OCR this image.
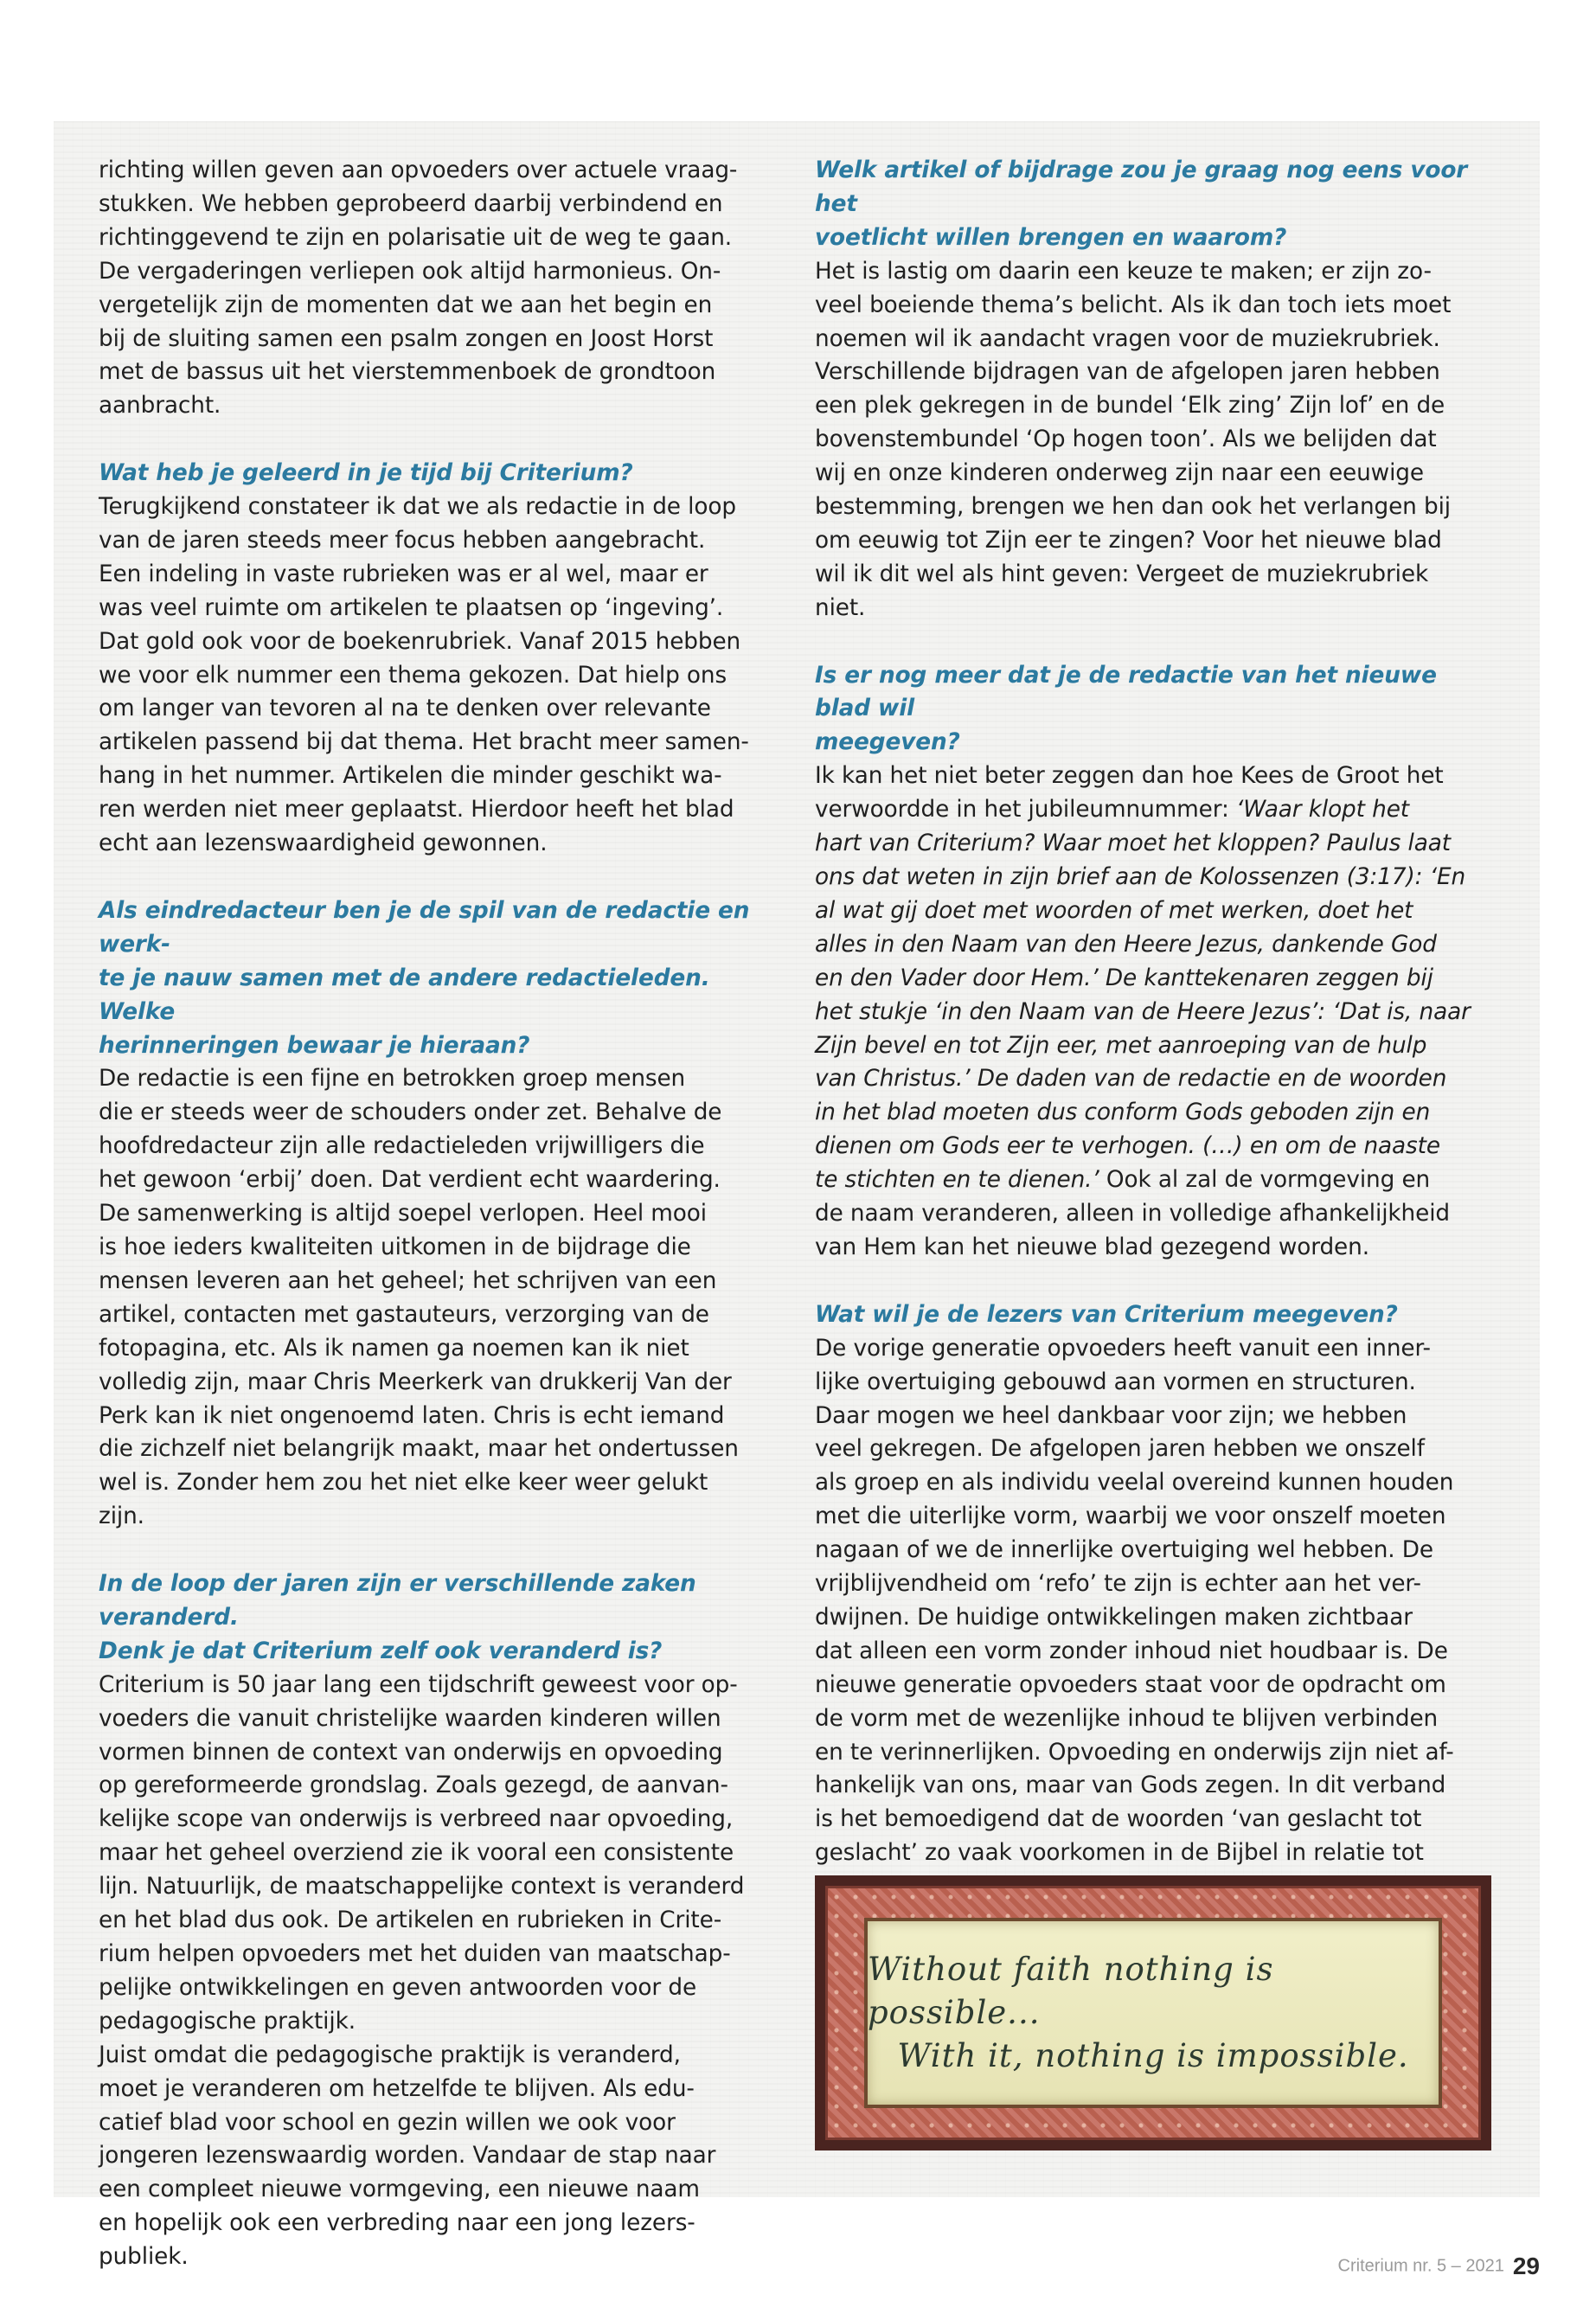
richting willen geven aan opvoeders over actuele vraag-
stukken. We hebben geprobeerd daarbij verbindend en
richtinggevend te zijn en polarisatie uit de weg te gaan.
De vergaderingen verliepen ook altijd harmonieus. On-
vergetelijk zijn de momenten dat we aan het begin en
bij de sluiting samen een psalm zongen en Joost Horst
met de bassus uit het vierstemmenboek de grondtoon
aanbracht.

Wat heb je geleerd in je tijd bij Criterium?

Terugkijkend constateer ik dat we als redactie in de loop
van de jaren steeds meer focus hebben aangebracht.
Een indeling in vaste rubrieken was er al wel, maar er
was veel ruimte om artikelen te plaatsen op ‘ingeving’.
Dat gold ook voor de boekenrubriek. Vanaf 2015 hebben
we voor elk nummer een thema gekozen. Dat hielp ons
om langer van tevoren al na te denken over relevante
artikelen passend bij dat thema. Het bracht meer samen-
hang in het nummer. Artikelen die minder geschikt wa-
ren werden niet meer geplaatst. Hierdoor heeft het blad
echt aan lezenswaardigheid gewonnen.
Als eindredacteur ben je de spil van de redactie en werk-
te je nauw samen met de andere redactieleden. Welke
herinneringen bewaar je hieraan?
De redactie is een fijne en betrokken groep mensen
die er steeds weer de schouders onder zet. Behalve de
hoofdredacteur zijn alle redactieleden vrijwilligers die
het gewoon ‘erbij’ doen. Dat verdient echt waardering.
De samenwerking is altijd soepel verlopen. Heel mooi
is hoe ieders kwaliteiten uitkomen in de bijdrage die
mensen leveren aan het geheel; het schrijven van een
artikel, contacten met gastauteurs, verzorging van de
fotopagina, etc. Als ik namen ga noemen kan ik niet
volledig zijn, maar Chris Meerkerk van drukkerij Van der
Perk kan ik niet ongenoemd laten. Chris is echt iemand
die zichzelf niet belangrijk maakt, maar het ondertussen
wel is. Zonder hem zou het niet elke keer weer gelukt
zijn.
In de loop der jaren zijn er verschillende zaken veranderd.
Denk je dat Criterium zelf ook veranderd is?
Criterium is 50 jaar lang een tijdschrift geweest voor op-
voeders die vanuit christelijke waarden kinderen willen
vormen binnen de context van onderwijs en opvoeding
op gereformeerde grondslag. Zoals gezegd, de aanvan-
kelijke scope van onderwijs is verbreed naar opvoeding,
maar het geheel overziend zie ik vooral een consistente
lijn. Natuurlijk, de maatschappelijke context is veranderd
en het blad dus ook. De artikelen en rubrieken in Crite-
rium helpen opvoeders met het duiden van maatschap-
pelijke ontwikkelingen en geven antwoorden voor de
pedagogische praktijk.
Juist omdat die pedagogische praktijk is veranderd,
moet je veranderen om hetzelfde te blijven. Als edu-
catief blad voor school en gezin willen we ook voor
jongeren lezenswaardig worden. Vandaar de stap naar
een compleet nieuwe vormgeving, een nieuwe naam
en hopelijk ook een verbreding naar een jong lezers-
publiek.
Welk artikel of bijdrage zou je graag nog eens voor het
voetlicht willen brengen en waarom?
Het is lastig om daarin een keuze te maken; er zijn zo-
veel boeiende thema’s belicht. Als ik dan toch iets moet
noemen wil ik aandacht vragen voor de muziekrubriek.
Verschillende bijdragen van de afgelopen jaren hebben
een plek gekregen in de bundel ‘Elk zing’ Zijn lof’ en de
bovenstembundel ‘Op hogen toon’. Als we belijden dat
wij en onze kinderen onderweg zijn naar een eeuwige
bestemming, brengen we hen dan ook het verlangen bij
om eeuwig tot Zijn eer te zingen? Voor het nieuwe blad
wil ik dit wel als hint geven: Vergeet de muziekrubriek
niet.
Is er nog meer dat je de redactie van het nieuwe blad wil
meegeven?
Ik kan het niet beter zeggen dan hoe Kees de Groot het
verwoordde in het jubileumnummer: ‘Waar klopt het
hart van Criterium? Waar moet het kloppen? Paulus laat
ons dat weten in zijn brief aan de Kolossenzen (3:17): ‘En
al wat gij doet met woorden of met werken, doet het
alles in den Naam van den Heere Jezus, dankende God
en den Vader door Hem.’ De kanttekenaren zeggen bij
het stukje ‘in den Naam van de Heere Jezus’: ‘Dat is, naar
Zijn bevel en tot Zijn eer, met aanroeping van de hulp
van Christus.’ De daden van de redactie en de woorden
in het blad moeten dus conform Gods geboden zijn en
dienen om Gods eer te verhogen. (…) en om de naaste
te stichten en te dienen.’ Ook al zal de vormgeving en
de naam veranderen, alleen in volledige afhankelijkheid
van Hem kan het nieuwe blad gezegend worden.

Wat wil je de lezers van Criterium meegeven?

De vorige generatie opvoeders heeft vanuit een inner-
lijke overtuiging gebouwd aan vormen en structuren.
Daar mogen we heel dankbaar voor zijn; we hebben
veel gekregen. De afgelopen jaren hebben we onszelf
als groep en als individu veelal overeind kunnen houden
met die uiterlijke vorm, waarbij we voor onszelf moeten
nagaan of we de innerlijke overtuiging wel hebben. De
vrijblijvendheid om ‘refo’ te zijn is echter aan het ver-
dwijnen. De huidige ontwikkelingen maken zichtbaar
dat alleen een vorm zonder inhoud niet houdbaar is. De
nieuwe generatie opvoeders staat voor de opdracht om
de vorm met de wezenlijke inhoud te blijven verbinden
en te verinnerlijken. Opvoeding en onderwijs zijn niet af-
hankelijk van ons, maar van Gods zegen. In dit verband
is het bemoedigend dat de woorden ‘van geslacht tot
geslacht’ zo vaak voorkomen in de Bijbel in relatie tot

Without faith nothing is possible...

With it, nothing is impossible.

Criterium nr. 5 – 2021 29
